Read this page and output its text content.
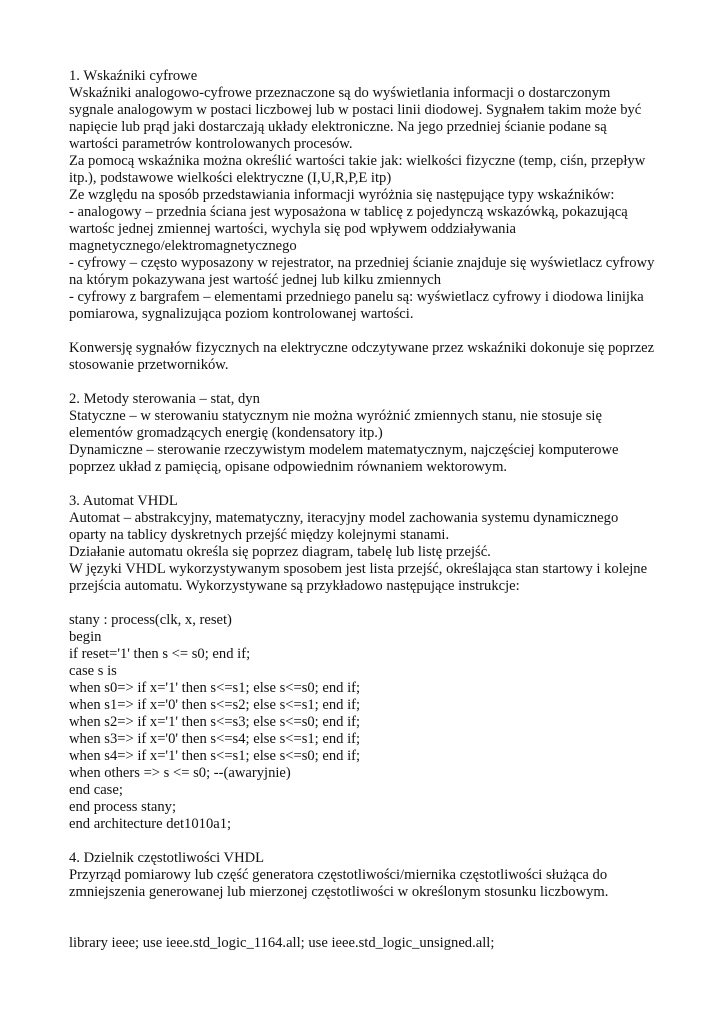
1. Wskaźniki cyfrowe
Wskaźniki analogowo-cyfrowe przeznaczone są do wyświetlania informacji o dostarczonym
sygnale analogowym w postaci liczbowej lub w postaci linii diodowej. Sygnałem takim może być
napięcie lub prąd jaki dostarczają układy elektroniczne. Na jego przedniej ścianie podane są
wartości parametrów kontrolowanych procesów.
Za pomocą wskaźnika można określić wartości takie jak: wielkości fizyczne (temp, ciśn, przepływ
itp.), podstawowe wielkości elektryczne (I,U,R,P,E itp)
Ze względu na sposób przedstawiania informacji wyróżnia się następujące typy wskaźników:
- analogowy – przednia ściana jest wyposażona w tablicę z pojedynczą wskazówką, pokazującą
wartośc jednej zmiennej wartości, wychyla się pod wpływem oddziaływania
magnetycznego/elektromagnetycznego
- cyfrowy – często wyposazony w rejestrator, na przedniej ścianie znajduje się wyświetlacz cyfrowy
na którym pokazywana jest wartość jednej lub kilku zmiennych
- cyfrowy z bargrafem – elementami przedniego panelu są: wyświetlacz cyfrowy i diodowa linijka
pomiarowa, sygnalizująca poziom kontrolowanej wartości.
Konwersję sygnałów fizycznych na elektryczne odczytywane przez wskaźniki dokonuje się poprzez
stosowanie przetworników.
2. Metody sterowania – stat, dyn
Statyczne – w sterowaniu statycznym nie można wyróżnić zmiennych stanu, nie stosuje się
elementów gromadzących energię (kondensatory itp.)
Dynamiczne – sterowanie rzeczywistym modelem matematycznym, najczęściej komputerowe
poprzez układ z pamięcią, opisane odpowiednim równaniem wektorowym.
3. Automat VHDL
Automat – abstrakcyjny, matematyczny, iteracyjny model zachowania systemu dynamicznego
oparty na tablicy dyskretnych przejść między kolejnymi stanami.
Działanie automatu określa się poprzez diagram, tabelę lub listę przejść.
W języki VHDL wykorzystywanym sposobem jest lista przejść, określająca stan startowy i kolejne
przejścia automatu. Wykorzystywane są przykładowo następujące instrukcje:
stany : process(clk, x, reset)
begin
if reset='1' then s <= s0; end if;
case s is
when s0=> if x='1' then s<=s1; else s<=s0; end if;
when s1=> if x='0' then s<=s2; else s<=s1; end if;
when s2=> if x='1' then s<=s3; else s<=s0; end if;
when s3=> if x='0' then s<=s4; else s<=s1; end if;
when s4=> if x='1' then s<=s1; else s<=s0; end if;
when others => s <= s0; --(awaryjnie)
end case;
end process stany;
end architecture det1010a1;
4. Dzielnik częstotliwości VHDL
Przyrząd pomiarowy lub część generatora częstotliwości/miernika częstotliwości służąca do
zmniejszenia generowanej lub mierzonej częstotliwości w określonym stosunku liczbowym.
library ieee; use ieee.std_logic_1164.all; use ieee.std_logic_unsigned.all;
